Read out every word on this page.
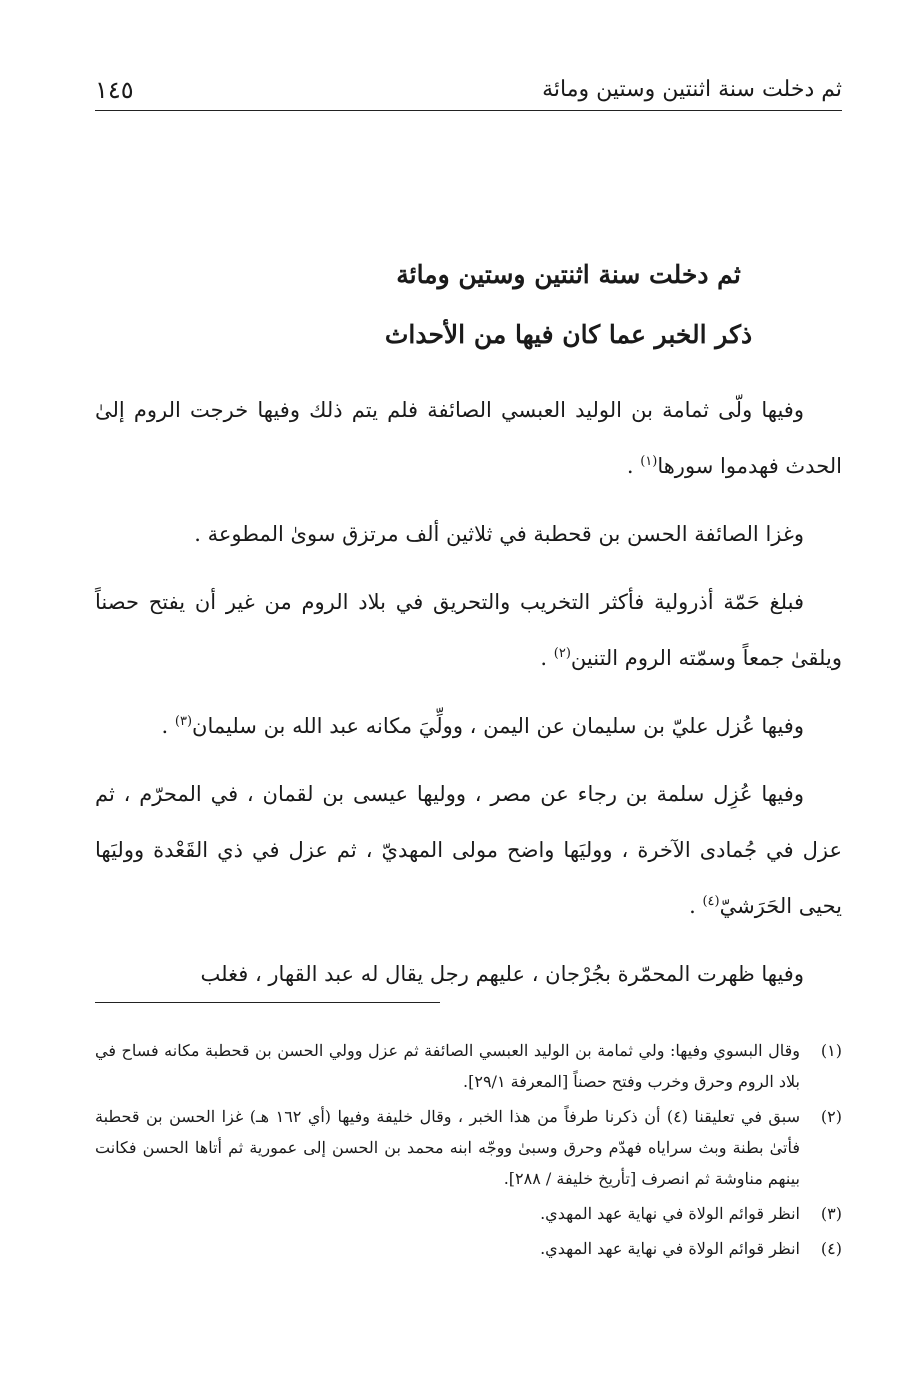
ثم دخلت سنة اثنتين وستين ومائة
١٤٥
ثم دخلت سنة اثنتين وستين ومائة
ذكر الخبر عما كان فيها من الأحداث

وفيها ولّى ثمامة بن الوليد العبسي الصائفة فلم يتم ذلك وفيها خرجت الروم إلىٰ الحدث فهدموا سورها$^{(١)}$ .

وغزا الصائفة الحسن بن قحطبة في ثلاثين ألف مرتزق سوىٰ المطوعة .

فبلغ حَمّة أذرولية فأكثر التخريب والتحريق في بلاد الروم من غير أن يفتح حصناً ويلقىٰ جمعاً وسمّته الروم التنين$^{(٢)}$ .

وفيها عُزل عليّ بن سليمان عن اليمن ، وولِّيَ مكانه عبد الله بن سليمان$^{(٣)}$ .

وفيها عُزِل سلمة بن رجاء عن مصر ، ووليها عيسى بن لقمان ، في المحرّم ، ثم عزل في جُمادى الآخرة ، ووليَها واضح مولى المهديّ ، ثم عزل في ذي القَعْدة ووليَها يحيى الحَرَشيّ$^{(٤)}$ .

وفيها ظهرت المحمّرة بجُرْجان ، عليهم رجل يقال له عبد القهار ، فغلب

(١)
وقال البسوي وفيها: ولي ثمامة بن الوليد العبسي الصائفة ثم عزل وولي الحسن بن قحطبة مكانه فساح في بلاد الروم وحرق وخرب وفتح حصناً [المعرفة ٢٩/١].
(٢)
سبق في تعليقنا (٤) أن ذكرنا طرفاً من هذا الخبر ، وقال خليفة وفيها (أي ١٦٢ هـ) غزا الحسن بن قحطبة فأتىٰ بطنة وبث سراياه فهدّم وحرق وسبىٰ ووجّه ابنه محمد بن الحسن إلى عمورية ثم أتاها الحسن فكانت بينهم مناوشة ثم انصرف [تأريخ خليفة / ٢٨٨].
(٣)
انظر قوائم الولاة في نهاية عهد المهدي.
(٤)
انظر قوائم الولاة في نهاية عهد المهدي.
